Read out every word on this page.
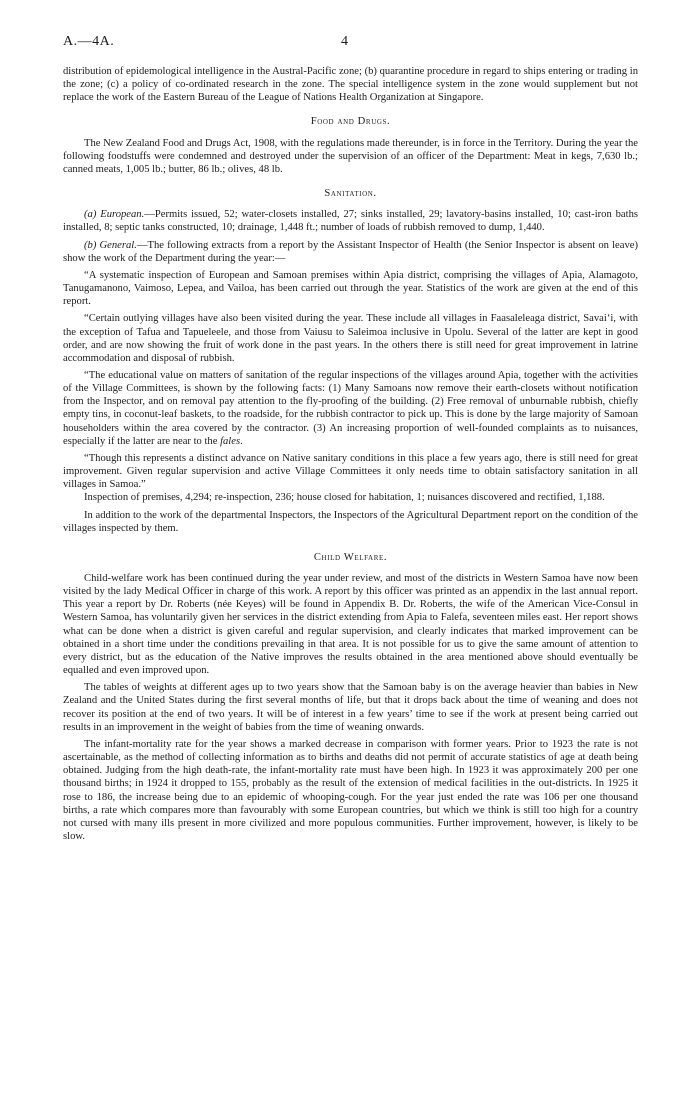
A.—4A.	4

distribution of epidemological intelligence in the Austral-Pacific zone; (b) quarantine procedure in regard to ships entering or trading in the zone; (c) a policy of co-ordinated research in the zone. The special intelligence system in the zone would supplement but not replace the work of the Eastern Bureau of the League of Nations Health Organization at Singapore.

Food and Drugs.

The New Zealand Food and Drugs Act, 1908, with the regulations made thereunder, is in force in the Territory. During the year the following foodstuffs were condemned and destroyed under the supervision of an officer of the Department: Meat in kegs, 7,630 lb.; canned meats, 1,005 lb.; butter, 86 lb.; olives, 48 lb.

Sanitation.

(a) European.—Permits issued, 52; water-closets installed, 27; sinks installed, 29; lavatory-basins installed, 10; cast-iron baths installed, 8; septic tanks constructed, 10; drainage, 1,448 ft.; number of loads of rubbish removed to dump, 1,440.

(b) General.—The following extracts from a report by the Assistant Inspector of Health (the Senior Inspector is absent on leave) show the work of the Department during the year:—

“A systematic inspection of European and Samoan premises within Apia district, comprising the villages of Apia, Alamagoto, Tanugamanono, Vaimoso, Lepea, and Vailoa, has been carried out through the year. Statistics of the work are given at the end of this report.

“Certain outlying villages have also been visited during the year. These include all villages in Faasaleleaga district, Savai‘i, with the exception of Tafua and Tapueleele, and those from Vaiusu to Saleimoa inclusive in Upolu. Several of the latter are kept in good order, and are now showing the fruit of work done in the past years. In the others there is still need for great improvement in latrine accommodation and disposal of rubbish.

“The educational value on matters of sanitation of the regular inspections of the villages around Apia, together with the activities of the Village Committees, is shown by the following facts: (1) Many Samoans now remove their earth-closets without notification from the Inspector, and on removal pay attention to the fly-proofing of the building. (2) Free removal of unburnable rubbish, chiefly empty tins, in coconut-leaf baskets, to the roadside, for the rubbish contractor to pick up. This is done by the large majority of Samoan householders within the area covered by the contractor. (3) An increasing proportion of well-founded complaints as to nuisances, especially if the latter are near to the fales.

“Though this represents a distinct advance on Native sanitary conditions in this place a few years ago, there is still need for great improvement. Given regular supervision and active Village Committees it only needs time to obtain satisfactory sanitation in all villages in Samoa.”

Inspection of premises, 4,294; re-inspection, 236; house closed for habitation, 1; nuisances discovered and rectified, 1,188.

In addition to the work of the departmental Inspectors, the Inspectors of the Agricultural Department report on the condition of the villages inspected by them.

Child Welfare.

Child-welfare work has been continued during the year under review, and most of the districts in Western Samoa have now been visited by the lady Medical Officer in charge of this work. A report by this officer was printed as an appendix in the last annual report. This year a report by Dr. Roberts (née Keyes) will be found in Appendix B. Dr. Roberts, the wife of the American Vice-Consul in Western Samoa, has voluntarily given her services in the district extending from Apia to Falefa, seventeen miles east. Her report shows what can be done when a district is given careful and regular supervision, and clearly indicates that marked improvement can be obtained in a short time under the conditions prevailing in that area. It is not possible for us to give the same amount of attention to every district, but as the education of the Native improves the results obtained in the area mentioned above should eventually be equalled and even improved upon.

The tables of weights at different ages up to two years show that the Samoan baby is on the average heavier than babies in New Zealand and the United States during the first several months of life, but that it drops back about the time of weaning and does not recover its position at the end of two years. It will be of interest in a few years’ time to see if the work at present being carried out results in an improvement in the weight of babies from the time of weaning onwards.

The infant-mortality rate for the year shows a marked decrease in comparison with former years. Prior to 1923 the rate is not ascertainable, as the method of collecting information as to births and deaths did not permit of accurate statistics of age at death being obtained. Judging from the high death-rate, the infant-mortality rate must have been high. In 1923 it was approximately 200 per one thousand births; in 1924 it dropped to 155, probably as the result of the extension of medical facilities in the out-districts. In 1925 it rose to 186, the increase being due to an epidemic of whooping-cough. For the year just ended the rate was 106 per one thousand births, a rate which compares more than favourably with some European countries, but which we think is still too high for a country not cursed with many ills present in more civilized and more populous communities. Further improvement, however, is likely to be slow.
